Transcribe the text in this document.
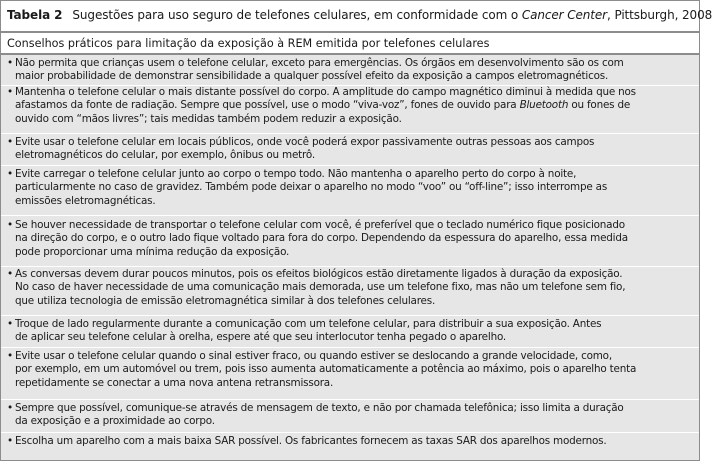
Tabela 2 Sugestões para uso seguro de telefones celulares, em conformidade com o Cancer Center, Pittsburgh, 2008
Conselhos práticos para limitação da exposição à REM emitida por telefones celulares
• Não permita que crianças usem o telefone celular, exceto para emergências. Os órgãos em desenvolvimento são os com
maior probabilidade de demonstrar sensibilidade a qualquer possível efeito da exposição a campos eletromagnéticos.
• Mantenha o telefone celular o mais distante possível do corpo. A amplitude do campo magnético diminui à medida que nos
afastamos da fonte de radiação. Sempre que possível, use o modo “viva-voz”, fones de ouvido para Bluetooth ou fones de
ouvido com “mãos livres”; tais medidas também podem reduzir a exposição.
• Evite usar o telefone celular em locais públicos, onde você poderá expor passivamente outras pessoas aos campos
eletromagnéticos do celular, por exemplo, ônibus ou metrô.
• Evite carregar o telefone celular junto ao corpo o tempo todo. Não mantenha o aparelho perto do corpo à noite,
particularmente no caso de gravidez. Também pode deixar o aparelho no modo “voo” ou “off-line”; isso interrompe as
emissões eletromagnéticas.
• Se houver necessidade de transportar o telefone celular com você, é preferível que o teclado numérico fique posicionado
na direção do corpo, e o outro lado fique voltado para fora do corpo. Dependendo da espessura do aparelho, essa medida
pode proporcionar uma mínima redução da exposição.
• As conversas devem durar poucos minutos, pois os efeitos biológicos estão diretamente ligados à duração da exposição.
No caso de haver necessidade de uma comunicação mais demorada, use um telefone fixo, mas não um telefone sem fio,
que utiliza tecnologia de emissão eletromagnética similar à dos telefones celulares.
• Troque de lado regularmente durante a comunicação com um telefone celular, para distribuir a sua exposição. Antes
de aplicar seu telefone celular à orelha, espere até que seu interlocutor tenha pegado o aparelho.
• Evite usar o telefone celular quando o sinal estiver fraco, ou quando estiver se deslocando a grande velocidade, como,
por exemplo, em um automóvel ou trem, pois isso aumenta automaticamente a potência ao máximo, pois o aparelho tenta
repetidamente se conectar a uma nova antena retransmissora.
• Sempre que possível, comunique-se através de mensagem de texto, e não por chamada telefônica; isso limita a duração
da exposição e a proximidade ao corpo.
• Escolha um aparelho com a mais baixa SAR possível. Os fabricantes fornecem as taxas SAR dos aparelhos modernos.
